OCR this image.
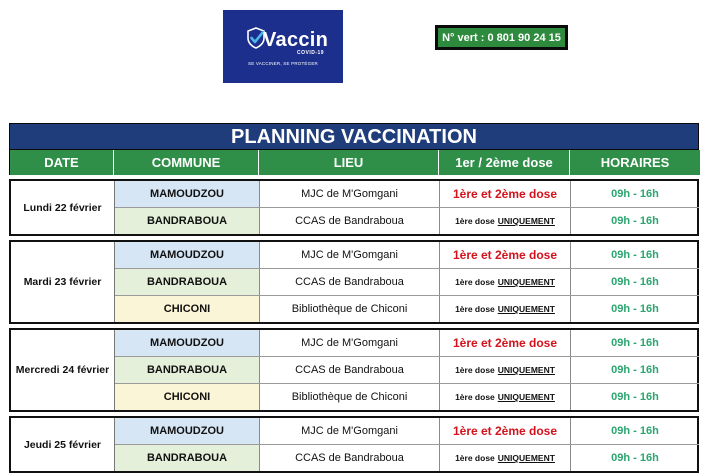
Vaccin
COVID-19
SE VACCINER, SE PROTÉGER
N° vert : 0 801 90 24 15
PLANNING VACCINATION
DATE	COMMUNE	LIEU	1er / 2ème dose	HORAIRES
Lundi 22 février
MAMOUDZOU	MJC de M'Gomgani	1ère et 2ème dose	09h - 16h
BANDRABOUA	CCAS de Bandraboua	1ère dose UNIQUEMENT	09h - 16h
Mardi 23 février
MAMOUDZOU	MJC de M'Gomgani	1ère et 2ème dose	09h - 16h
BANDRABOUA	CCAS de Bandraboua	1ère dose UNIQUEMENT	09h - 16h
CHICONI	Bibliothèque de Chiconi	1ère dose UNIQUEMENT	09h - 16h
Mercredi 24 février
MAMOUDZOU	MJC de M'Gomgani	1ère et 2ème dose	09h - 16h
BANDRABOUA	CCAS de Bandraboua	1ère dose UNIQUEMENT	09h - 16h
CHICONI	Bibliothèque de Chiconi	1ère dose UNIQUEMENT	09h - 16h
Jeudi 25 février
MAMOUDZOU	MJC de M'Gomgani	1ère et 2ème dose	09h - 16h
BANDRABOUA	CCAS de Bandraboua	1ère dose UNIQUEMENT	09h - 16h
